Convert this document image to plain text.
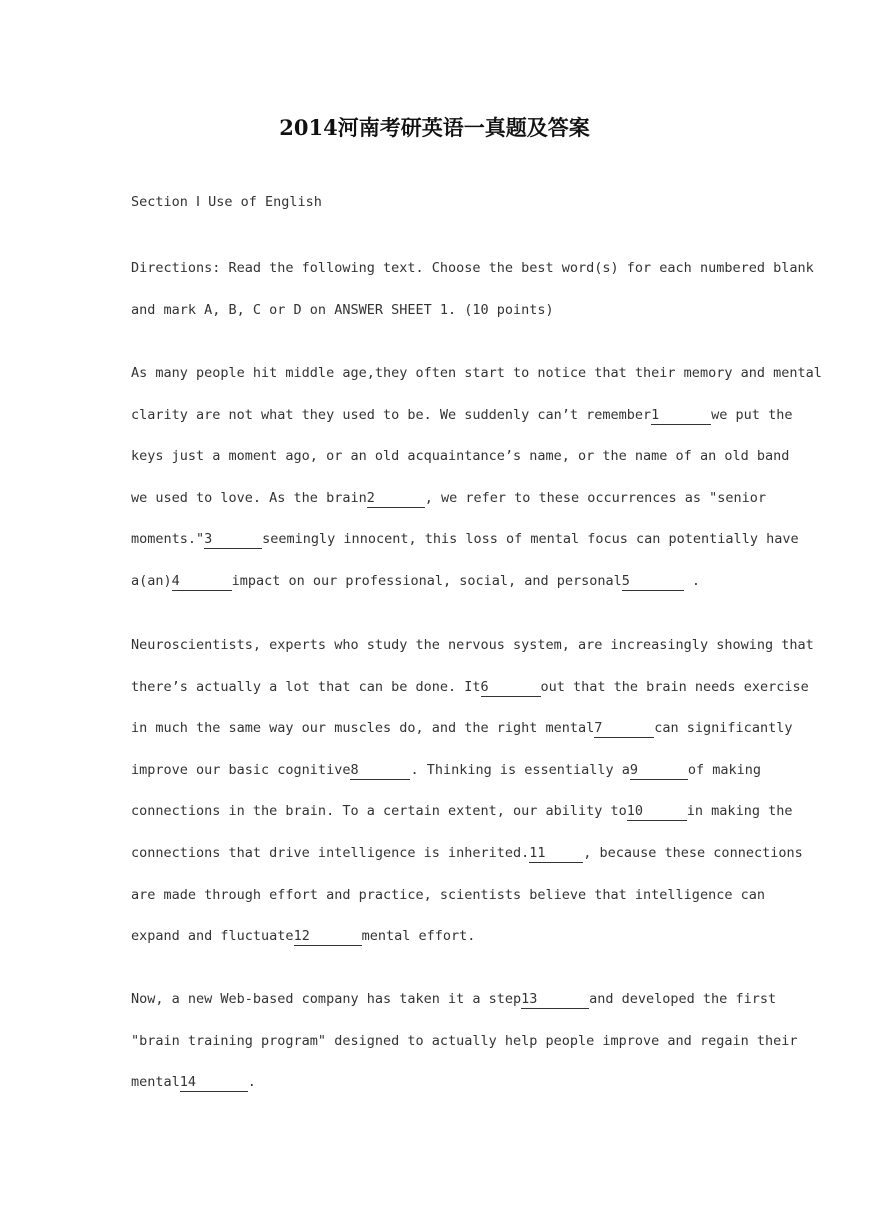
2014河南考研英语一真题及答案
Section Ⅰ Use of English
Directions: Read the following text. Choose the best word(s) for each numbered blank
and mark A, B, C or D on ANSWER SHEET 1. (10 points)
As many people hit middle age,they often start to notice that their memory and mental
clarity are not what they used to be. We suddenly can’t remember1	we put the
keys just a moment ago, or an old acquaintance’s name, or the name of an old band
we used to love. As the brain2	, we refer to these occurrences as "senior
moments."3	seemingly innocent, this loss of mental focus can potentially have
a(an)4	impact on our professional, social, and personal5	.
Neuroscientists, experts who study the nervous system, are increasingly showing that
there’s actually a lot that can be done. It6	out that the brain needs exercise
in much the same way our muscles do, and the right mental7	can significantly
improve our basic cognitive8	. Thinking is essentially a9	of making
connections in the brain. To a certain extent, our ability to10	in making the
connections that drive intelligence is inherited.11	, because these connections
are made through effort and practice, scientists believe that intelligence can
expand and fluctuate12	mental effort.
Now, a new Web-based company has taken it a step13	and developed the first
"brain training program" designed to actually help people improve and regain their
mental14	.
